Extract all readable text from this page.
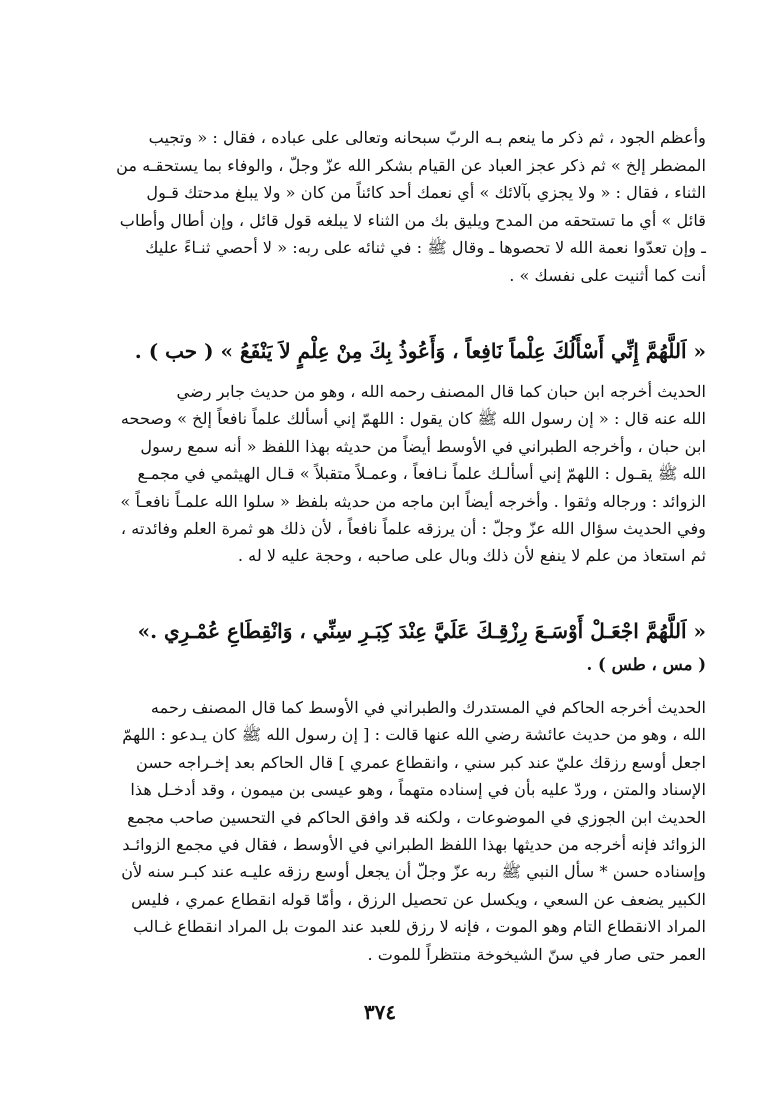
وأعظم الجود ، ثم ذكر ما ينعم بـه الربّ سبحانه وتعالى على عباده ، فقال : « وتجيب
المضطر إلخ » ثم ذكر عجز العباد عن القيام بشكر الله عزّ وجلّ ، والوفاء بما يستحقـه من
الثناء ، فقال : « ولا يجزي بآلائك » أي نعمك أحد كائناً من كان « ولا يبلغ مدحتك قـول
قائل » أي ما تستحقه من المدح ويليق بك من الثناء لا يبلغه قول قائل ، وإن أطال وأطاب
ـ وإن تعدّوا نعمة الله لا تحصوها ـ وقال ﷺ : في ثنائه على ربه: « لا أحصي ثنـاءً عليك
أنت كما أثنيت على نفسك » .

« اَللَّهُمَّ إِنِّي أَسْأَلُكَ عِلْماً نَافِعاً ، وَأَعُوذُ بِكَ مِنْ عِلْمٍ لاَ يَنْفَعُ » ( حب ) .

الحديث أخرجه ابن حبان كما قال المصنف رحمه الله ، وهو من حديث جابر رضي
الله عنه قال : « إن رسول الله ﷺ كان يقول : اللهمّ إني أسألك علماً نافعاً إلخ » وصححه
ابن حبان ، وأخرجه الطبراني في الأوسط أيضاً من حديثه بهذا اللفظ « أنه سمع رسول
الله ﷺ يقـول : اللهمّ إني أسألـك علماً نـافعاً ، وعمـلاً متقبلاً » قـال الهيثمي في مجمـع
الزوائد : ورجاله وثقوا . وأخرجه أيضاً ابن ماجه من حديثه بلفظ « سلوا الله علمـاً نافعـاً »
وفي الحديث سؤال الله عزّ وجلّ : أن يرزقه علماً نافعاً ، لأن ذلك هو ثمرة العلم وفائدته ،
ثم استعاذ من علم لا ينفع لأن ذلك وبال على صاحبه ، وحجة عليه لا له .

« اَللَّهُمَّ اجْعَـلْ أَوْسَـعَ رِزْقِـكَ عَلَيَّ عِنْدَ كِبَـرِ سِنِّي ، وَانْقِطَاعِ عُمْـرِي .»

( مس ، طس ) .

الحديث أخرجه الحاكم في المستدرك والطبراني في الأوسط كما قال المصنف رحمه
الله ، وهو من حديث عائشة رضي الله عنها قالت : [ إن رسول الله ﷺ كان يـدعو : اللهمّ
اجعل أوسع رزقك عليّ عند كبر سني ، وانقطاع عمري ] قال الحاكم بعد إخـراجه حسن
الإسناد والمتن ، وردّ عليه بأن في إسناده متهماً ، وهو عيسى بن ميمون ، وقد أدخـل هذا
الحديث ابن الجوزي في الموضوعات ، ولكنه قد وافق الحاكم في التحسين صاحب مجمع
الزوائد فإنه أخرجه من حديثها بهذا اللفظ الطبراني في الأوسط ، فقال في مجمع الزوائـد
وإسناده حسن * سأل النبي ﷺ ربه عزّ وجلّ أن يجعل أوسع رزقه عليـه عند كبـر سنه لأن
الكبير يضعف عن السعي ، ويكسل عن تحصيل الرزق ، وأمّا قوله انقطاع عمري ، فليس
المراد الانقطاع التام وهو الموت ، فإنه لا رزق للعبد عند الموت بل المراد انقطاع غـالب
العمر حتى صار في سنّ الشيخوخة منتظراً للموت .

٣٧٤
